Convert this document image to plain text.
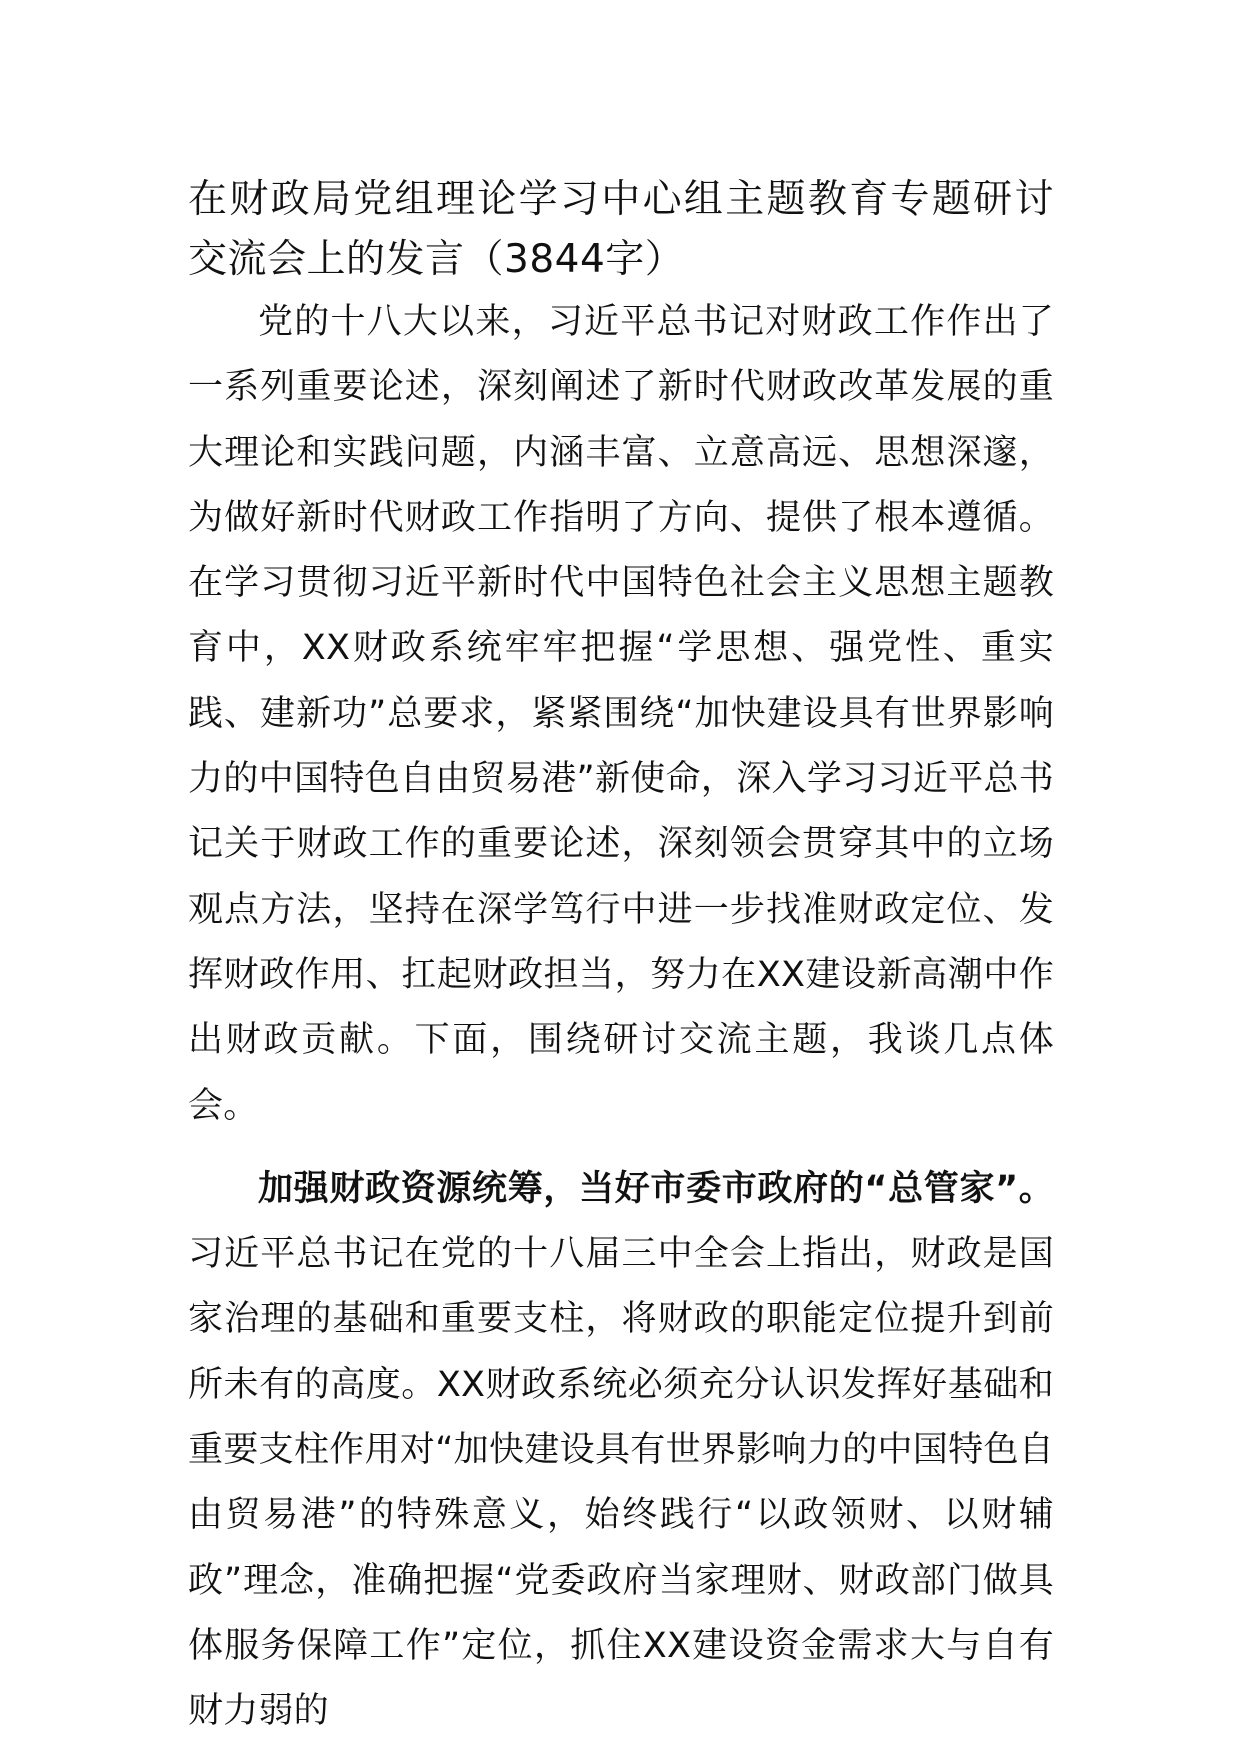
在财政局党组理论学习中心组主题教育专题研讨交流会上的发言（3844字）

党的十八大以来，习近平总书记对财政工作作出了一系列重要论述，深刻阐述了新时代财政改革发展的重大理论和实践问题，内涵丰富、立意高远、思想深邃，为做好新时代财政工作指明了方向、提供了根本遵循。在学习贯彻习近平新时代中国特色社会主义思想主题教育中，XX财政系统牢牢把握“学思想、强党性、重实践、建新功”总要求，紧紧围绕“加快建设具有世界影响力的中国特色自由贸易港”新使命，深入学习习近平总书记关于财政工作的重要论述，深刻领会贯穿其中的立场观点方法，坚持在深学笃行中进一步找准财政定位、发挥财政作用、扛起财政担当，努力在XX建设新高潮中作出财政贡献。下面，围绕研讨交流主题，我谈几点体会。

加强财政资源统筹，当好市委市政府的“总管家”。习近平总书记在党的十八届三中全会上指出，财政是国家治理的基础和重要支柱，将财政的职能定位提升到前所未有的高度。XX财政系统必须充分认识发挥好基础和重要支柱作用对“加快建设具有世界影响力的中国特色自由贸易港”的特殊意义，始终践行“以政领财、以财辅政”理念，准确把握“党委政府当家理财、财政部门做具体服务保障工作”定位，抓住XX建设资金需求大与自有财力弱的
